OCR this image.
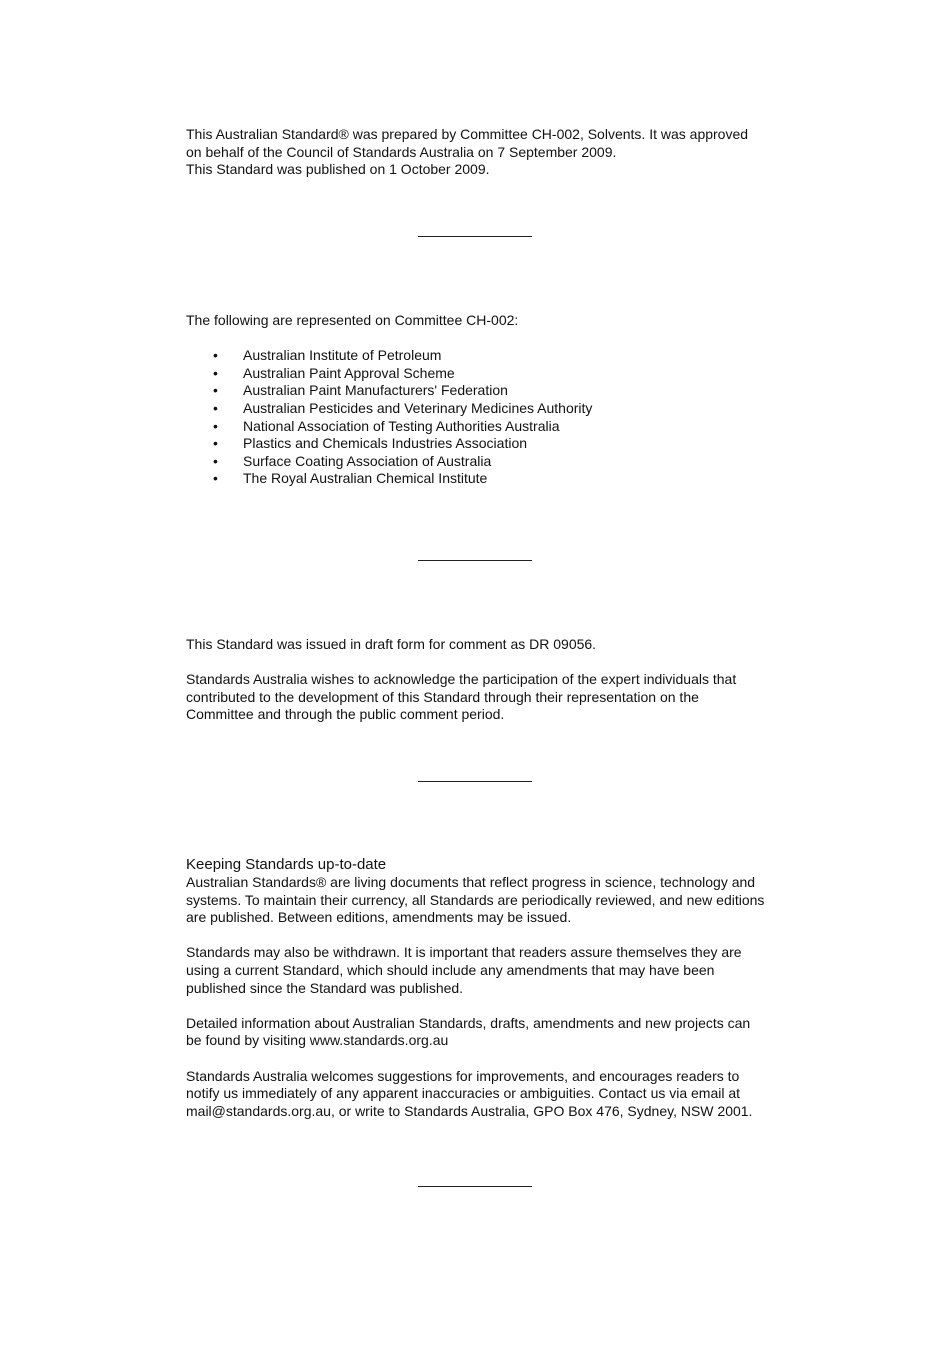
This Australian Standard® was prepared by Committee CH-002, Solvents. It was approved

on behalf of the Council of Standards Australia on 7 September 2009.

This Standard was published on 1 October 2009.

The following are represented on Committee CH-002:

• Australian Institute of Petroleum
• Australian Paint Approval Scheme
• Australian Paint Manufacturers' Federation
• Australian Pesticides and Veterinary Medicines Authority
• National Association of Testing Authorities Australia
• Plastics and Chemicals Industries Association
• Surface Coating Association of Australia
• The Royal Australian Chemical Institute

This Standard was issued in draft form for comment as DR 09056.

Standards Australia wishes to acknowledge the participation of the expert individuals that

contributed to the development of this Standard through their representation on the

Committee and through the public comment period.

Keeping Standards up-to-date

Australian Standards® are living documents that reflect progress in science, technology and

systems. To maintain their currency, all Standards are periodically reviewed, and new editions

are published. Between editions, amendments may be issued.

Standards may also be withdrawn. It is important that readers assure themselves they are

using a current Standard, which should include any amendments that may have been

published since the Standard was published.

Detailed information about Australian Standards, drafts, amendments and new projects can

be found by visiting www.standards.org.au

Standards Australia welcomes suggestions for improvements, and encourages readers to

notify us immediately of any apparent inaccuracies or ambiguities. Contact us via email at

mail@standards.org.au, or write to Standards Australia, GPO Box 476, Sydney, NSW 2001.
